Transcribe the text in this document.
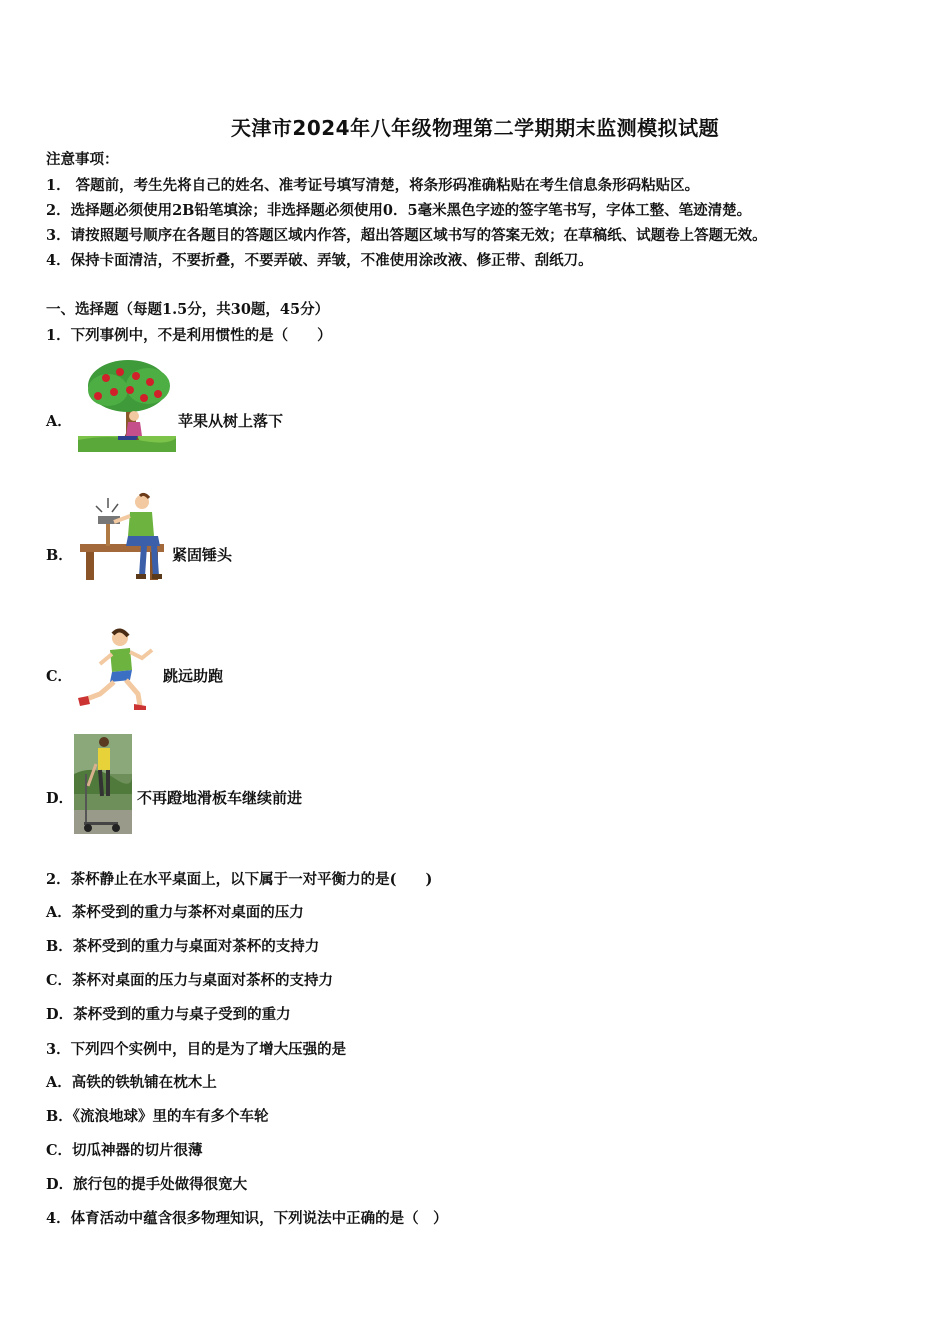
天津市2024年八年级物理第二学期期末监测模拟试题
注意事项：
1． 答题前，考生先将自己的姓名、准考证号填写清楚，将条形码准确粘贴在考生信息条形码粘贴区。
2．选择题必须使用2B铅笔填涂；非选择题必须使用0．5毫米黑色字迹的签字笔书写，字体工整、笔迹清楚。
3．请按照题号顺序在各题目的答题区域内作答，超出答题区域书写的答案无效；在草稿纸、试题卷上答题无效。
4．保持卡面清洁，不要折叠，不要弄破、弄皱，不准使用涂改液、修正带、刮纸刀。
一、选择题（每题1.5分，共30题，45分）
1．下列事例中，不是利用惯性的是（　　）
A．	苹果从树上落下
B．	紧固锤头
C．	跳远助跑
D．	不再蹬地滑板车继续前进
2．茶杯静止在水平桌面上，以下属于一对平衡力的是(　　)
A．茶杯受到的重力与茶杯对桌面的压力
B．茶杯受到的重力与桌面对茶杯的支持力
C．茶杯对桌面的压力与桌面对茶杯的支持力
D．茶杯受到的重力与桌子受到的重力
3．下列四个实例中，目的是为了增大压强的是
A．高铁的铁轨铺在枕木上
B．《流浪地球》里的车有多个车轮
C．切瓜神器的切片很薄
D．旅行包的提手处做得很宽大
4．体育活动中蕴含很多物理知识，下列说法中正确的是（　）
